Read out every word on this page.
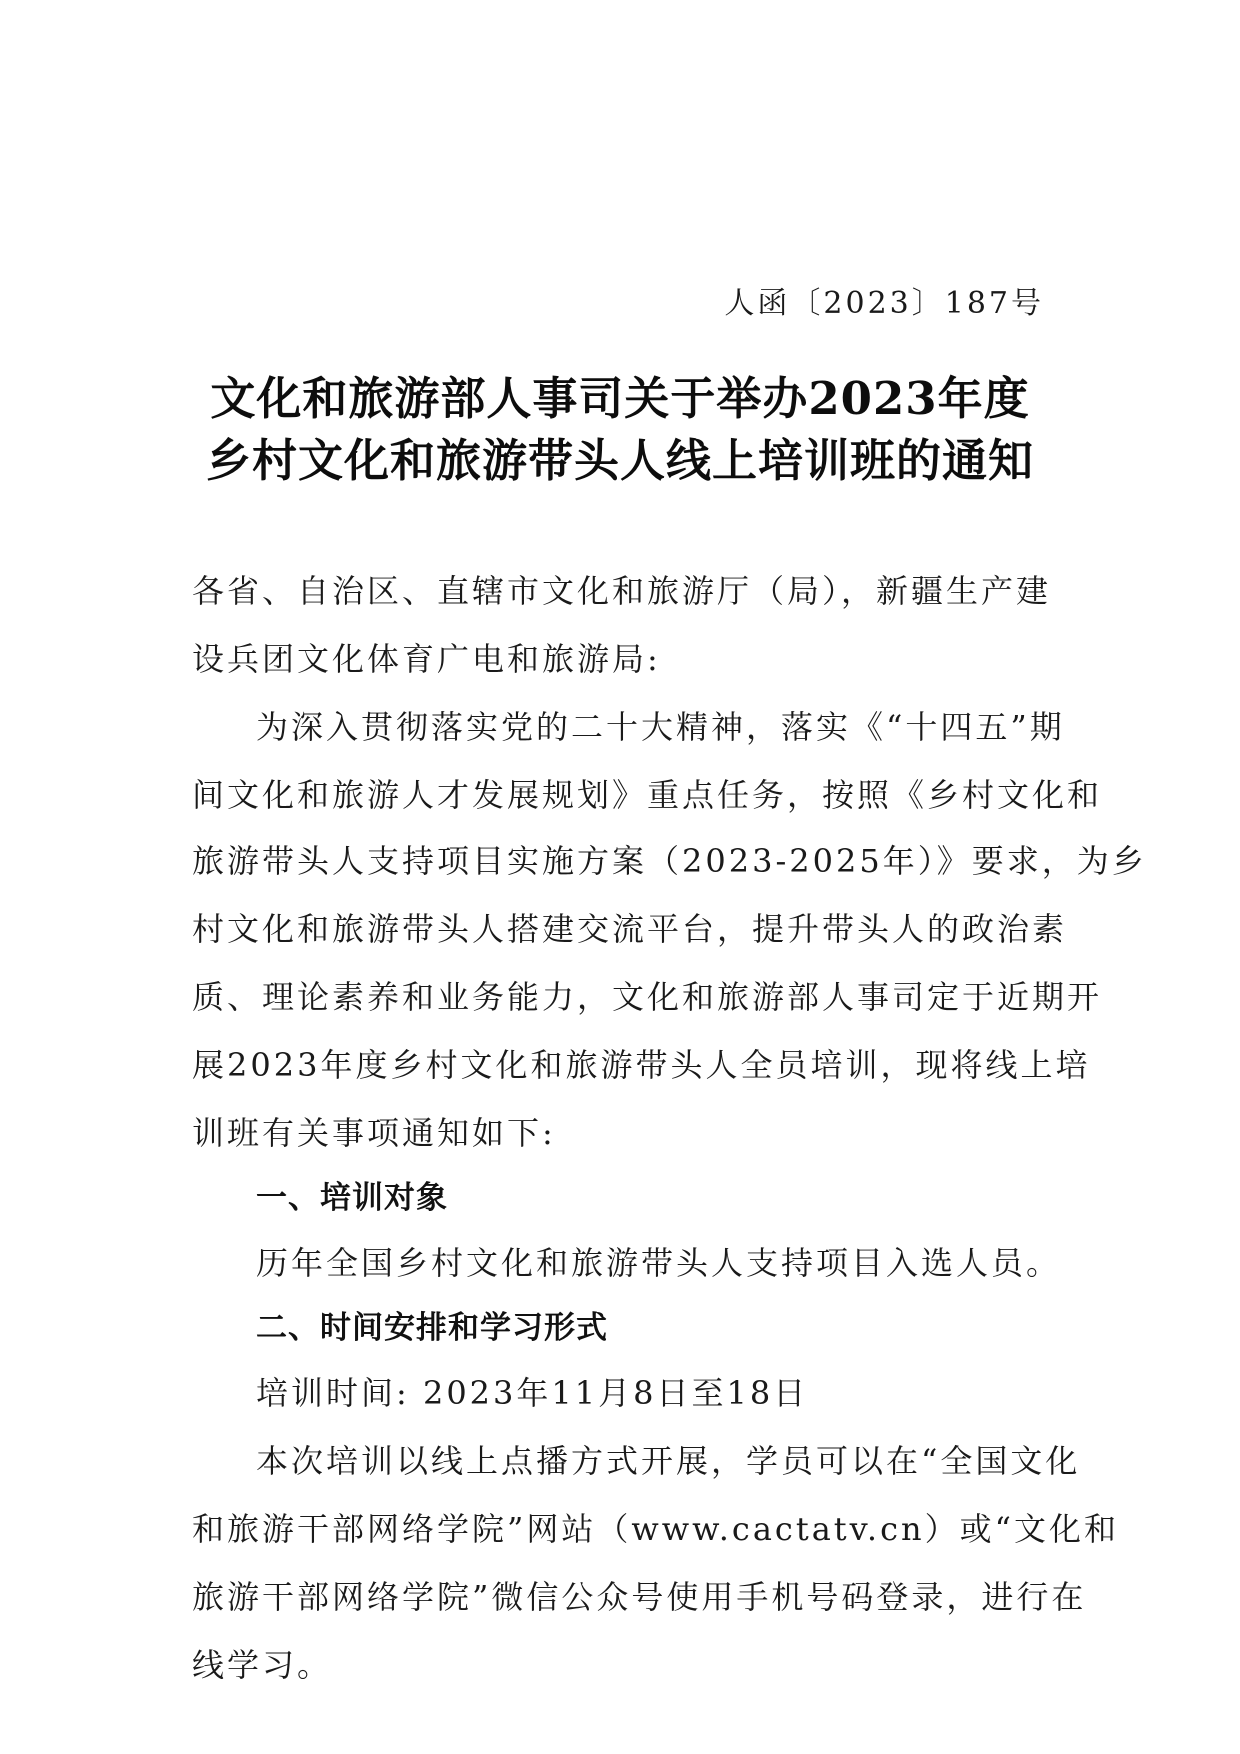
人函〔2023〕187号
文化和旅游部人事司关于举办2023年度
乡村文化和旅游带头人线上培训班的通知
各省、自治区、直辖市文化和旅游厅（局），新疆生产建
设兵团文化体育广电和旅游局:
为深入贯彻落实党的二十大精神，落实《“十四五”期
间文化和旅游人才发展规划》重点任务，按照《乡村文化和
旅游带头人支持项目实施方案（2023-2025年）》要求，为乡
村文化和旅游带头人搭建交流平台，提升带头人的政治素
质、理论素养和业务能力，文化和旅游部人事司定于近期开
展2023年度乡村文化和旅游带头人全员培训，现将线上培
训班有关事项通知如下:
一、培训对象
历年全国乡村文化和旅游带头人支持项目入选人员。
二、时间安排和学习形式
培训时间: 2023年11月8日至18日
本次培训以线上点播方式开展，学员可以在“全国文化
和旅游干部网络学院”网站（www.cactatv.cn）或“文化和
旅游干部网络学院”微信公众号使用手机号码登录，进行在
线学习。
